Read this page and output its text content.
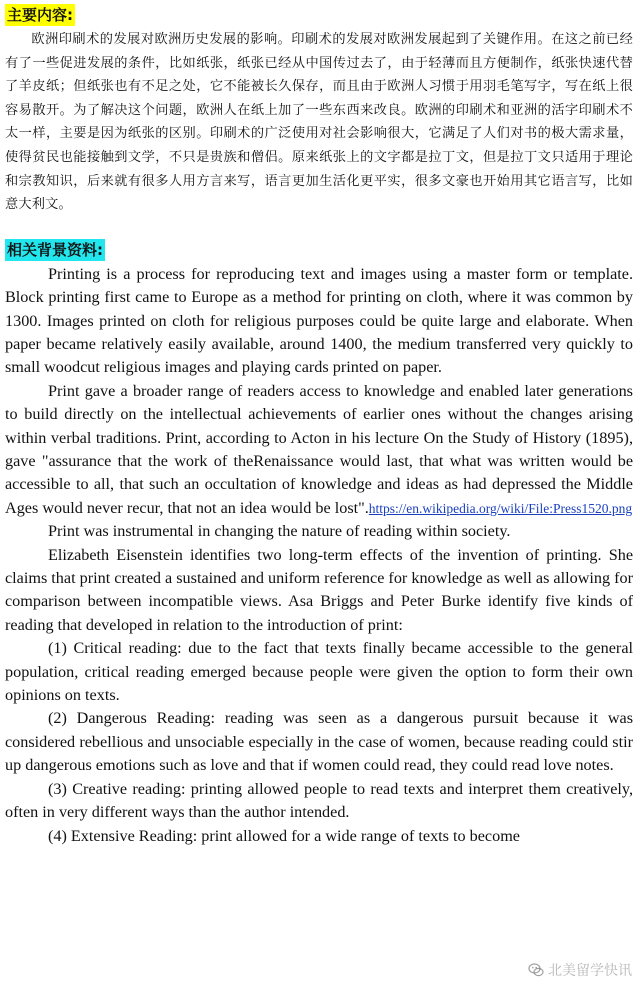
主要内容:

欧洲印刷术的发展对欧洲历史发展的影响。印刷术的发展对欧洲发展起到了关键作用。在这之前已经有了一些促进发展的条件，比如纸张，纸张已经从中国传过去了，由于轻薄而且方便制作，纸张快速代替了羊皮纸；但纸张也有不足之处，它不能被长久保存，而且由于欧洲人习惯于用羽毛笔写字，写在纸上很容易散开。为了解决这个问题，欧洲人在纸上加了一些东西来改良。欧洲的印刷术和亚洲的活字印刷术不太一样，主要是因为纸张的区别。印刷术的广泛使用对社会影响很大，它满足了人们对书的极大需求量，使得贫民也能接触到文学，不只是贵族和僧侣。原来纸张上的文字都是拉丁文，但是拉丁文只适用于理论和宗教知识，后来就有很多人用方言来写，语言更加生活化更平实，很多文豪也开始用其它语言写，比如意大利文。

相关背景资料:

Printing is a process for reproducing text and images using a master form or template. Block printing first came to Europe as a method for printing on cloth, where it was common by 1300. Images printed on cloth for religious purposes could be quite large and elaborate. When paper became relatively easily available, around 1400, the medium transferred very quickly to small woodcut religious images and playing cards printed on paper.

Print gave a broader range of readers access to knowledge and enabled later generations to build directly on the intellectual achievements of earlier ones without the changes arising within verbal traditions. Print, according to Acton in his lecture On the Study of History (1895), gave "assurance that the work of theRenaissance would last, that what was written would be accessible to all, that such an occultation of knowledge and ideas as had depressed the Middle Ages would never recur, that not an idea would be lost".https://en.wikipedia.org/wiki/File:Press1520.png

Print was instrumental in changing the nature of reading within society.

Elizabeth Eisenstein identifies two long-term effects of the invention of printing. She claims that print created a sustained and uniform reference for knowledge as well as allowing for comparison between incompatible views. Asa Briggs and Peter Burke identify five kinds of reading that developed in relation to the introduction of print:

(1) Critical reading: due to the fact that texts finally became accessible to the general population, critical reading emerged because people were given the option to form their own opinions on texts.

(2) Dangerous Reading: reading was seen as a dangerous pursuit because it was considered rebellious and unsociable especially in the case of women, because reading could stir up dangerous emotions such as love and that if women could read, they could read love notes.

(3) Creative reading: printing allowed people to read texts and interpret them creatively, often in very different ways than the author intended.

(4) Extensive Reading: print allowed for a wide range of texts to become

北美留学快讯
